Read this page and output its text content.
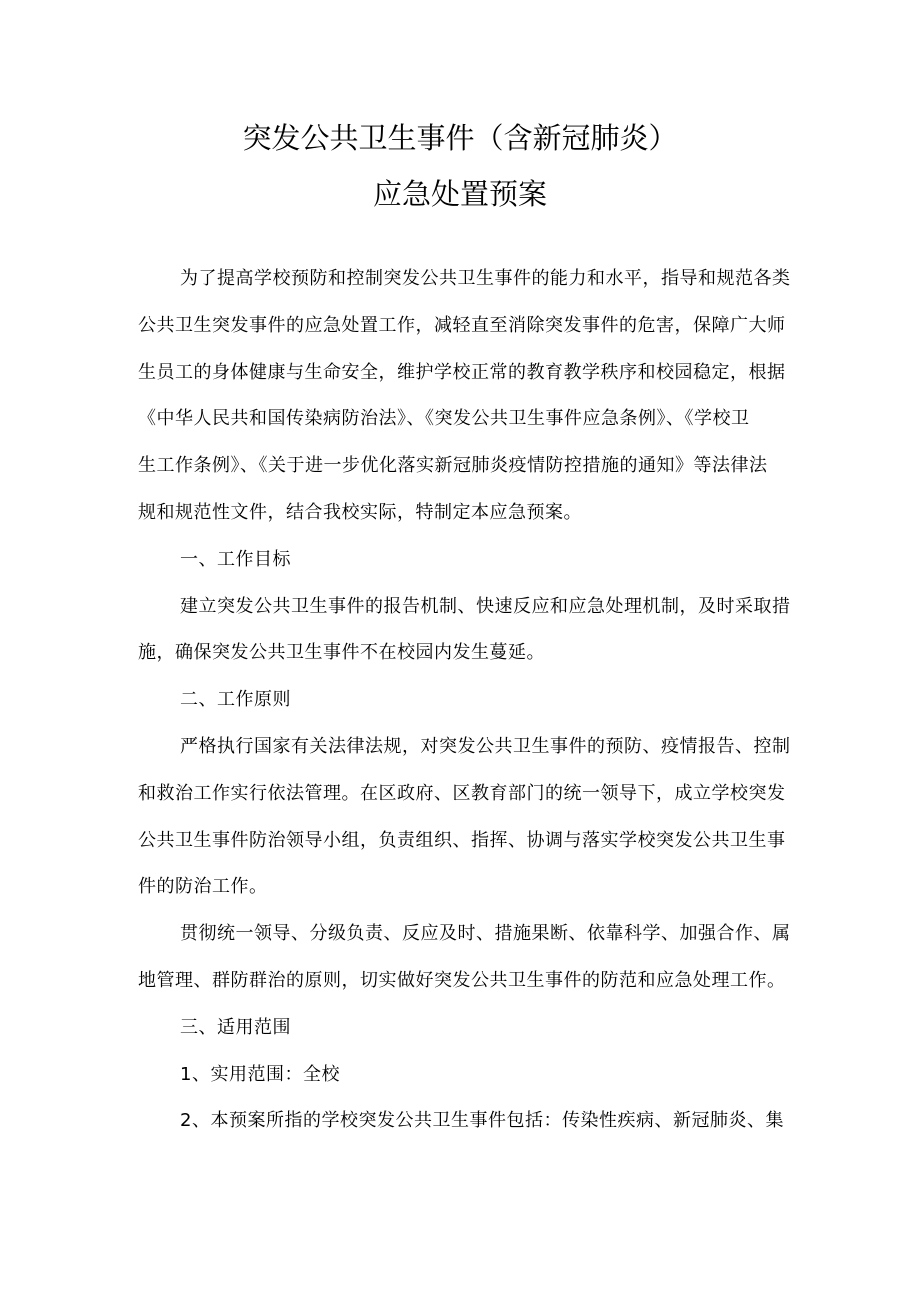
突发公共卫生事件（含新冠肺炎）
应急处置预案
为了提高学校预防和控制突发公共卫生事件的能力和水平，指导和规范各类
公共卫生突发事件的应急处置工作，减轻直至消除突发事件的危害，保障广大师
生员工的身体健康与生命安全，维护学校正常的教育教学秩序和校园稳定，根据
《中华人民共和国传染病防治法》、《突发公共卫生事件应急条例》、《学校卫
生工作条例》、《关于进一步优化落实新冠肺炎疫情防控措施的通知》等法律法
规和规范性文件，结合我校实际，特制定本应急预案。
一、工作目标
建立突发公共卫生事件的报告机制、快速反应和应急处理机制，及时采取措
施，确保突发公共卫生事件不在校园内发生蔓延。
二、工作原则
严格执行国家有关法律法规，对突发公共卫生事件的预防、疫情报告、控制
和救治工作实行依法管理。在区政府、区教育部门的统一领导下，成立学校突发
公共卫生事件防治领导小组，负责组织、指挥、协调与落实学校突发公共卫生事
件的防治工作。
贯彻统一领导、分级负责、反应及时、措施果断、依靠科学、加强合作、属
地管理、群防群治的原则，切实做好突发公共卫生事件的防范和应急处理工作。
三、适用范围
1、实用范围：全校
2、本预案所指的学校突发公共卫生事件包括：传染性疾病、新冠肺炎、集
